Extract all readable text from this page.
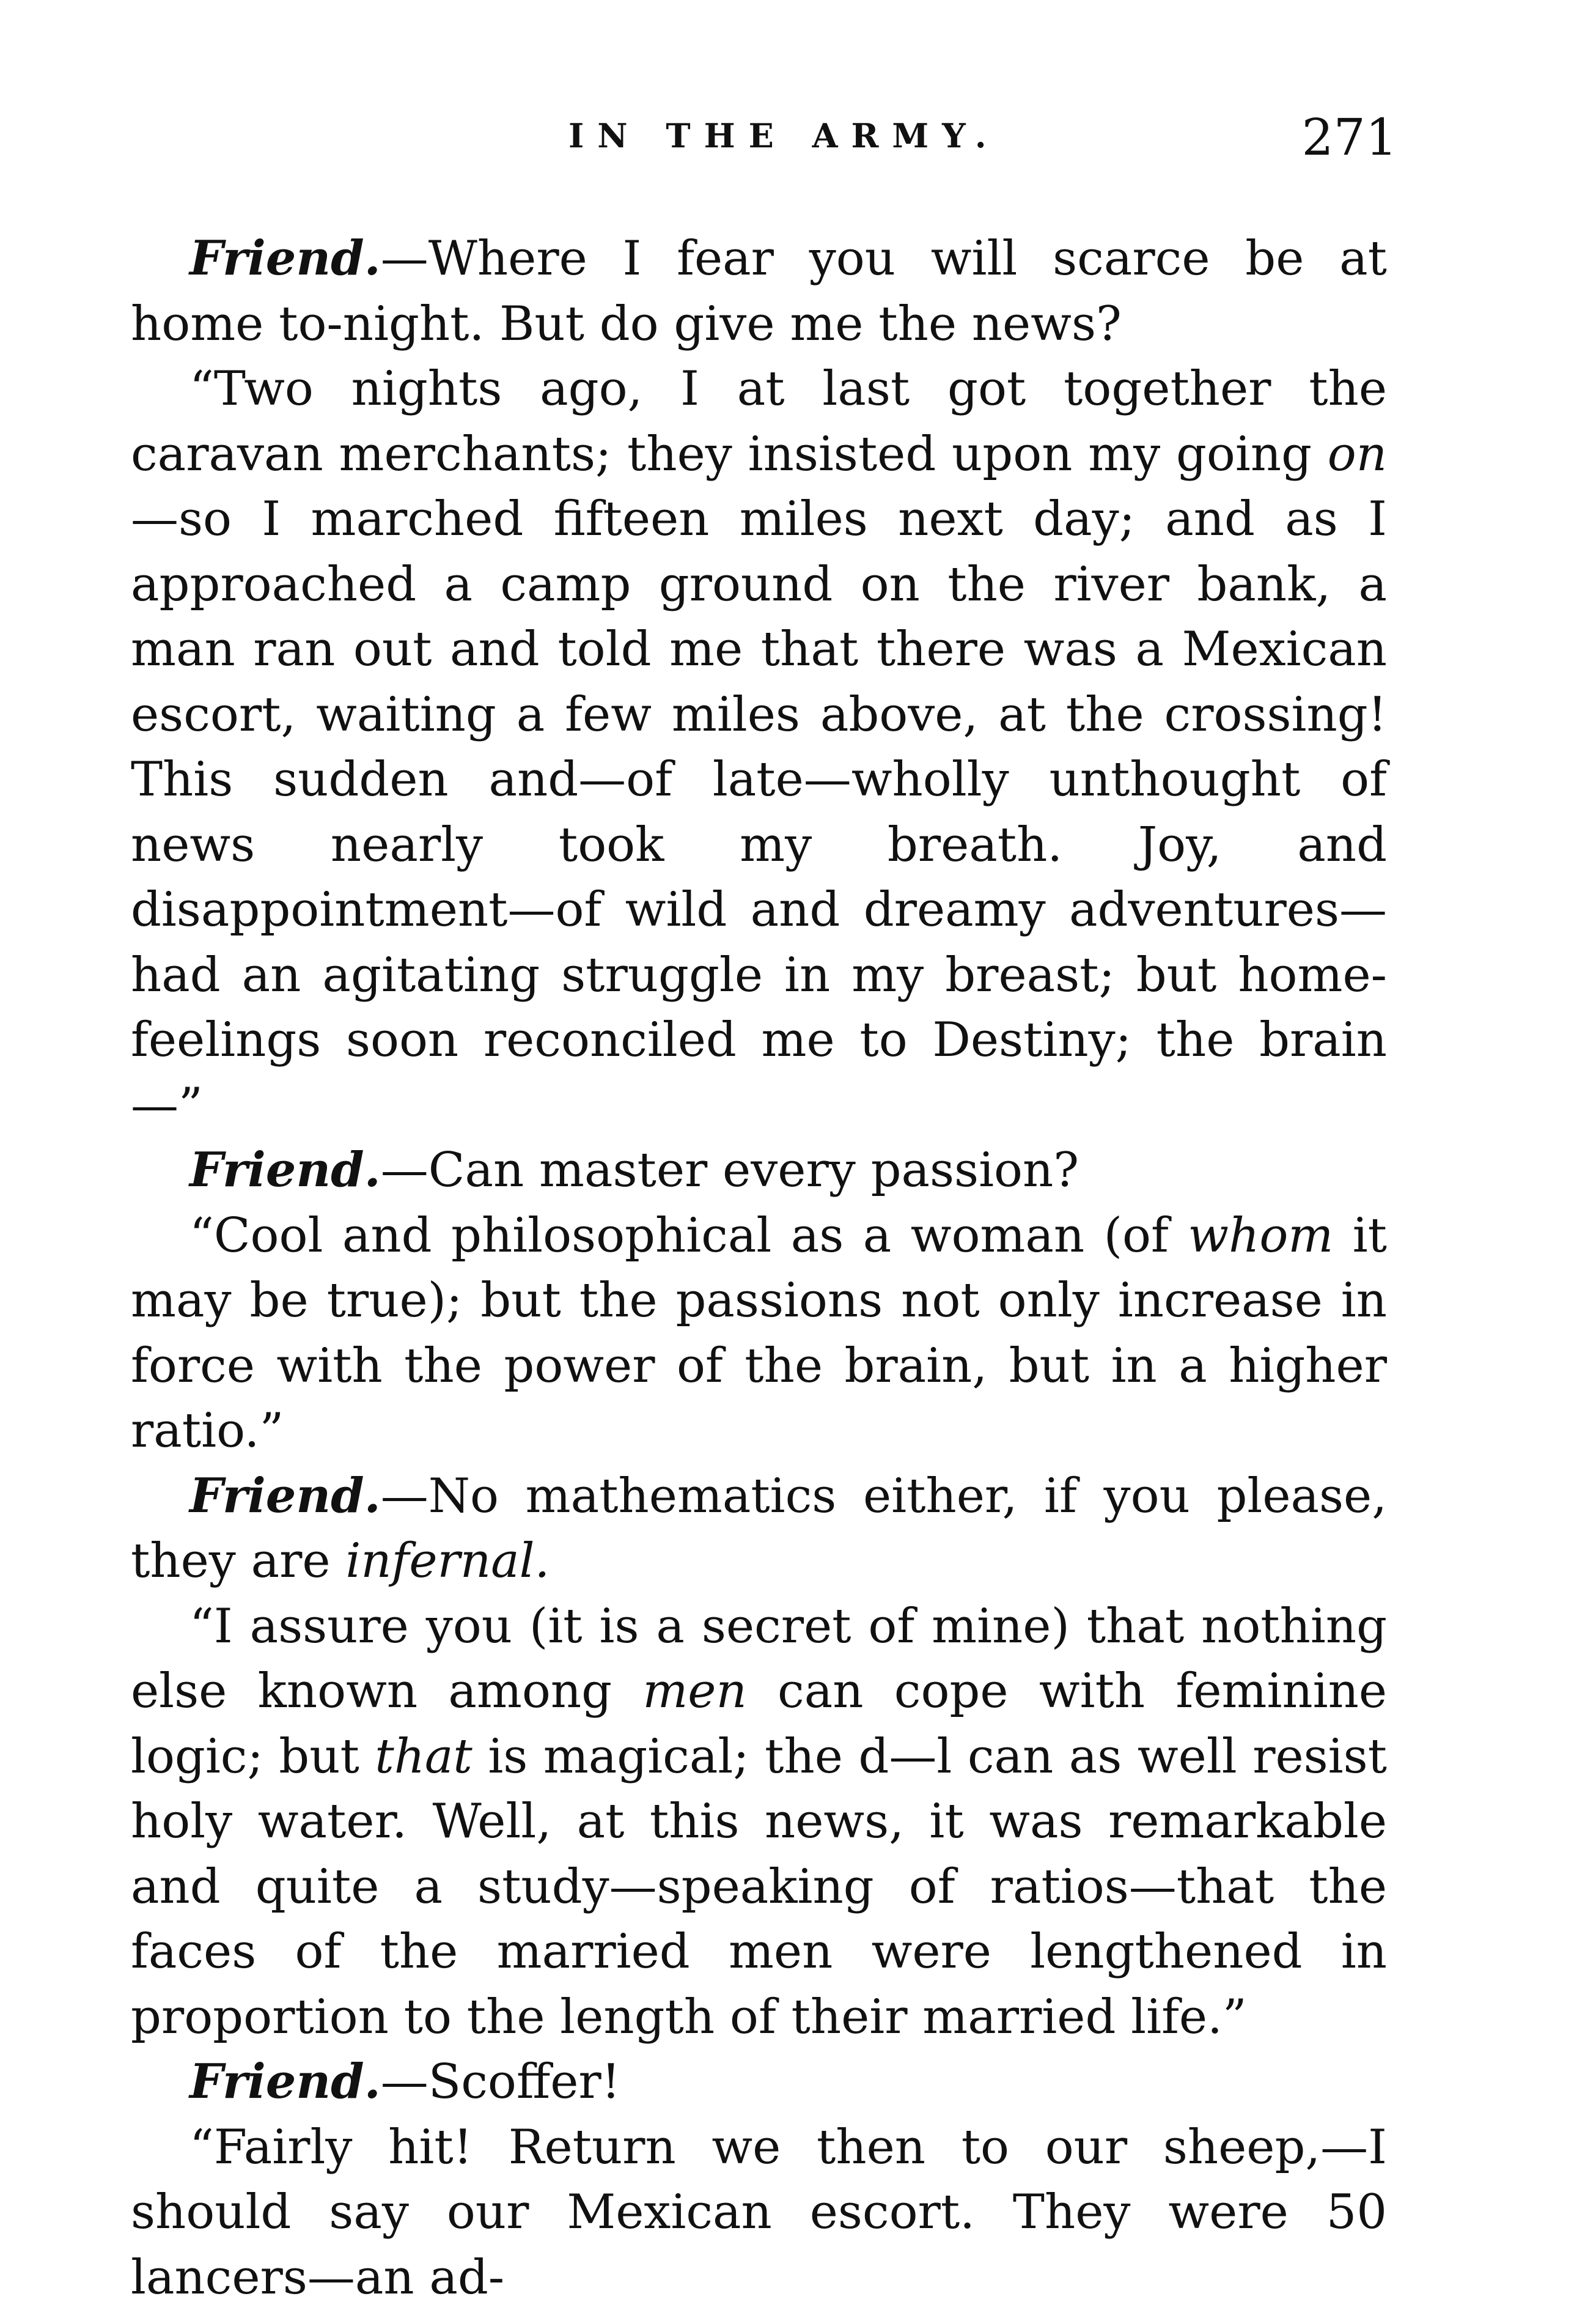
IN THE ARMY.	271

Friend.—Where I fear you will scarce be at home to-night. But do give me the news?

“Two nights ago, I at last got together the caravan merchants; they insisted upon my going on—so I marched fifteen miles next day; and as I approached a camp ground on the river bank, a man ran out and told me that there was a Mexican escort, waiting a few miles above, at the crossing! This sudden and—of late—wholly unthought of news nearly took my breath. Joy, and disappointment—of wild and dreamy adventures—had an agitating struggle in my breast; but home-feelings soon reconciled me to Destiny; the brain—”

Friend.—Can master every passion?

“Cool and philosophical as a woman (of whom it may be true); but the passions not only increase in force with the power of the brain, but in a higher ratio.”

Friend.—No mathematics either, if you please, they are infernal.

“I assure you (it is a secret of mine) that nothing else known among men can cope with feminine logic; but that is magical; the d—l can as well resist holy water. Well, at this news, it was remarkable and quite a study—speaking of ratios—that the faces of the married men were lengthened in proportion to the length of their married life.”

Friend.—Scoffer!

“Fairly hit! Return we then to our sheep,—I should say our Mexican escort. They were 50 lancers—an ad-
